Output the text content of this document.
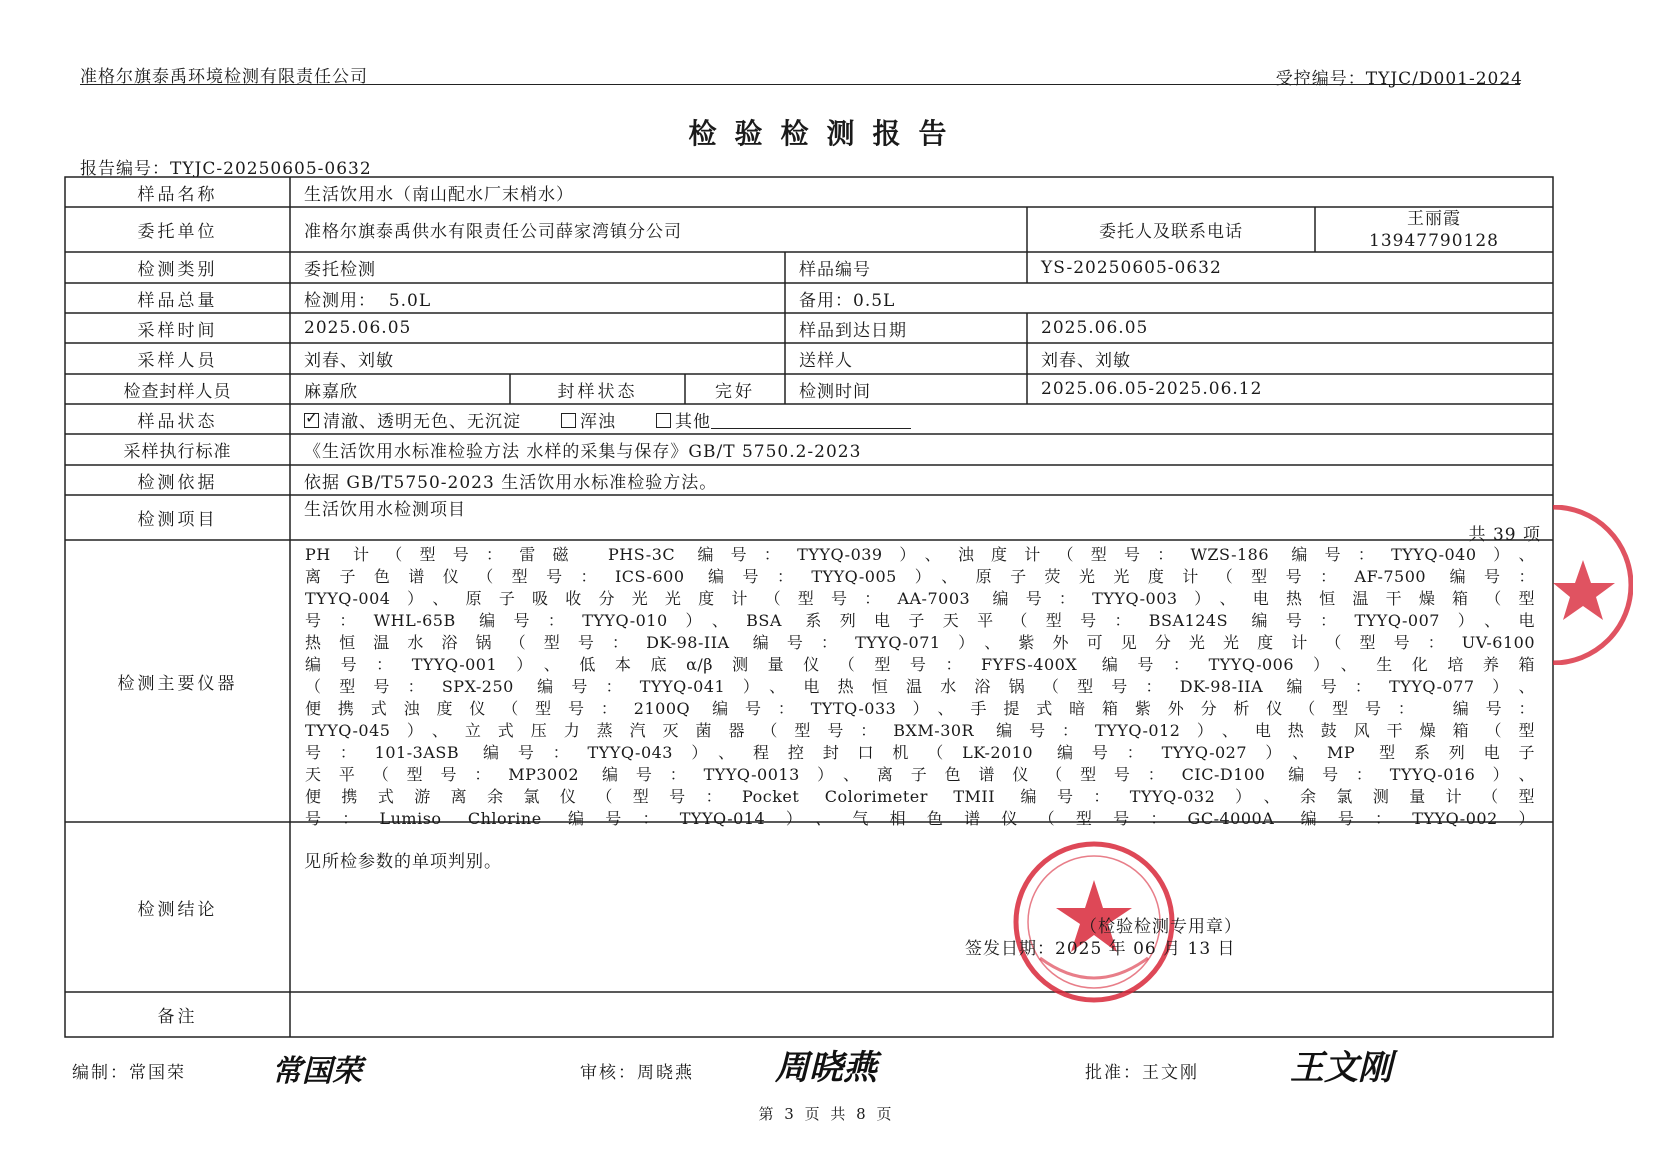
准格尔旗泰禹环境检测有限责任公司	受控编号：TYJC/D001-2024
检验检测报告
报告编号：TYJC-20250605-0632
样品名称	生活饮用水（南山配水厂末梢水）
委托单位	准格尔旗泰禹供水有限责任公司薛家湾镇分公司	委托人及联系电话
王丽霞
13947790128
检测类别	委托检测	样品编号	YS-20250605-0632
样品总量	检测用：  5.0L	备用：0.5L
采样时间	2025.06.05	样品到达日期	2025.06.05
采样人员	刘春、刘敏	送样人	刘春、刘敏
检查封样人员	麻嘉欣	封样状态	完好	检测时间	2025.06.05-2025.06.12
样品状态
✓	清澈、透明无色、无沉淀	浑浊	其他
采样执行标准	《生活饮用水标准检验方法 水样的采集与保存》GB/T 5750.2-2023
检测依据	依据 GB/T5750-2023 生活饮用水标准检验方法。
检测项目
生活饮用水检测项目
共 39 项
检测主要仪器
PH 计（型号：雷磁 PHS-3C 编号：TYYQ-039）、浊度计（型号：WZS-186 编号：TYYQ-040）、
离子色谱仪（型号：ICS-600 编号：TYYQ-005）、原子荧光光度计（型号：AF-7500 编号：
TYYQ-004）、原子吸收分光光度计（型号：AA-7003 编号：TYYQ-003）、电热恒温干燥箱（型
号：WHL-65B 编号：TYYQ-010）、BSA 系列电子天平（型号：BSA124S 编号：TYYQ-007）、电
热恒温水浴锅（型号：DK-98-IIA 编号：TYYQ-071）、紫外可见分光光度计（型号：UV-6100
编号：TYYQ-001）、低本底α/β测量仪（型号：FYFS-400X 编号：TYYQ-006）、生化培养箱
（型号：SPX-250 编号：TYYQ-041）、电热恒温水浴锅（型号：DK-98-IIA 编号：TYYQ-077）、
便携式浊度仪（型号：2100Q 编号：TYTQ-033）、手提式暗箱紫外分析仪（型号： 编号：
TYYQ-045）、立式压力蒸汽灭菌器（型号：BXM-30R 编号：TYYQ-012）、电热鼓风干燥箱（型
号：101-3ASB 编号：TYYQ-043）、程控封口机（LK-2010 编号：TYYQ-027）、MP 型系列电子
天平（型号：MP3002 编号：TYYQ-0013）、离子色谱仪（型号：CIC-D100 编号：TYYQ-016）、
便携式游离余氯仪（型号：Pocket Colorimeter TMII 编号：TYYQ-032）、余氯测量计（型
号：Lumiso Chlorine 编号：TYYQ-014）、气相色谱仪（型号：GC-4000A 编号：TYYQ-002）
检测结论
见所检参数的单项判别。
（检验检测专用章）
签发日期：2025 年 06 月 13 日
备注
编制：常国荣	常国荣	审核：周晓燕 周晓燕	批准：王文刚	王文刚
第 3 页 共 8 页
